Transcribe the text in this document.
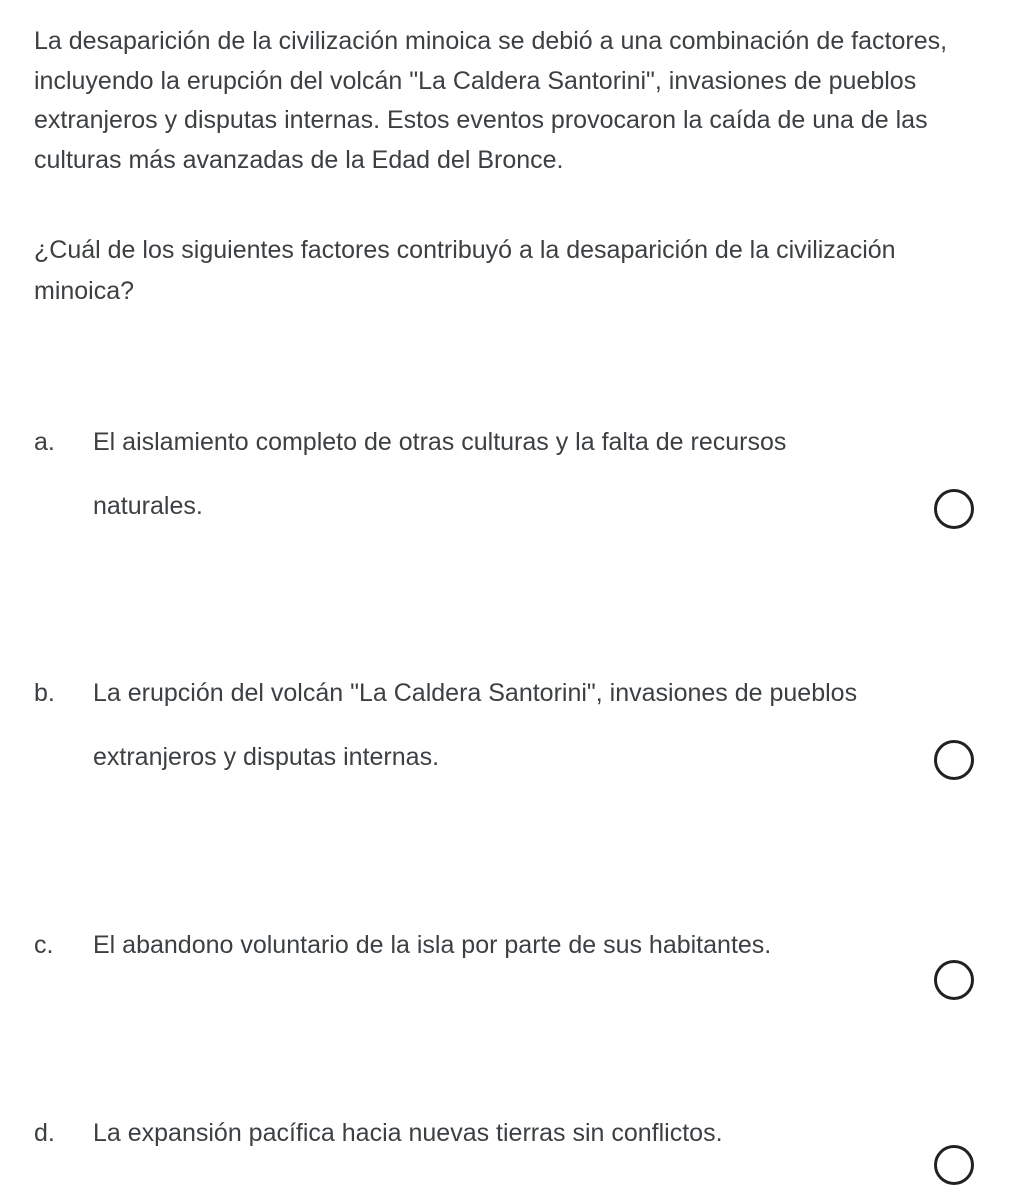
La desaparición de la civilización minoica se debió a una combinación de factores, incluyendo la erupción del volcán "La Caldera Santorini", invasiones de pueblos extranjeros y disputas internas. Estos eventos provocaron la caída de una de las culturas más avanzadas de la Edad del Bronce.

¿Cuál de los siguientes factores contribuyó a la desaparición de la civilización minoica?

a. El aislamiento completo de otras culturas y la falta de recursos naturales.
b. La erupción del volcán "La Caldera Santorini", invasiones de pueblos extranjeros y disputas internas.
c. El abandono voluntario de la isla por parte de sus habitantes.
d. La expansión pacífica hacia nuevas tierras sin conflictos.
